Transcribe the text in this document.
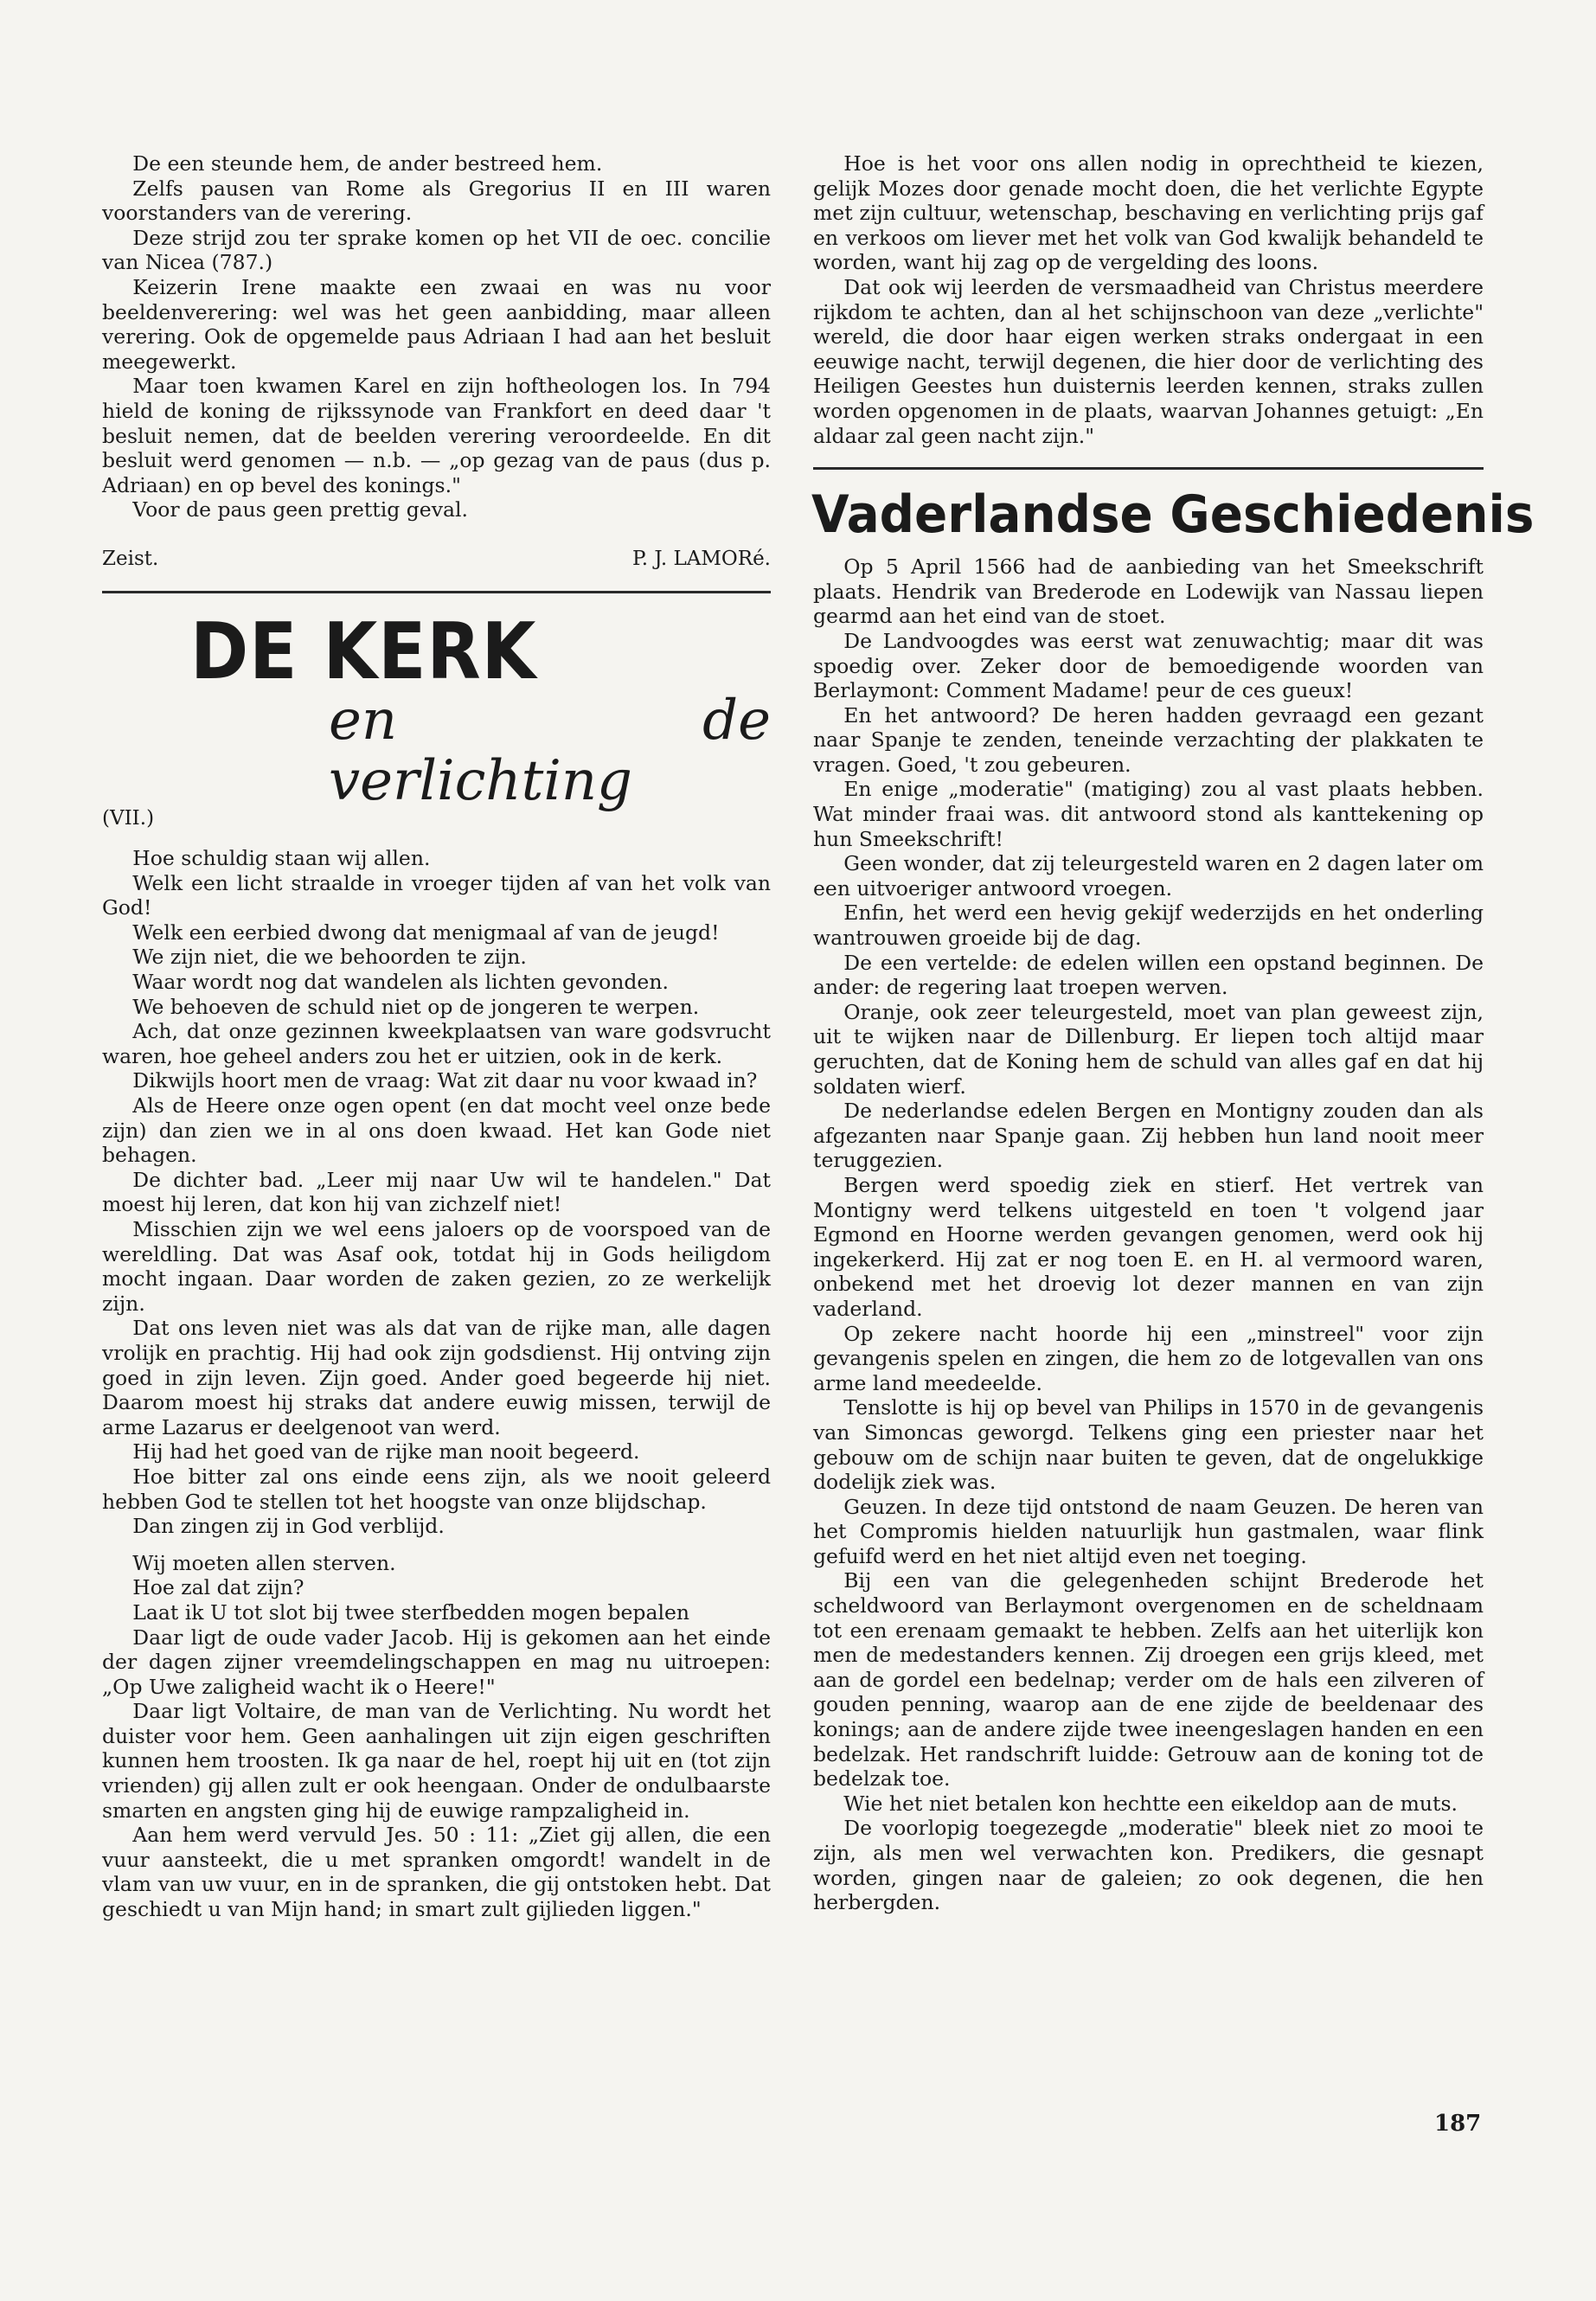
De een steunde hem, de ander bestreed hem.

Zelfs pausen van Rome als Gregorius II en III waren voorstanders van de verering.

Deze strijd zou ter sprake komen op het VII de oec. concilie van Nicea (787.)

Keizerin Irene maakte een zwaai en was nu voor beeldenverering: wel was het geen aanbidding, maar alleen verering. Ook de opgemelde paus Adriaan I had aan het besluit meegewerkt.

Maar toen kwamen Karel en zijn hoftheologen los. In 794 hield de koning de rijkssynode van Frankfort en deed daar 't besluit nemen, dat de beelden verering veroordeelde. En dit besluit werd genomen — n.b. — „op gezag van de paus (dus p. Adriaan) en op bevel des konings."

Voor de paus geen prettig geval.

Zeist.	P. J. LAMORé.
DE KERK
en de verlichting
(VII.)

Hoe schuldig staan wij allen.

Welk een licht straalde in vroeger tijden af van het volk van God!

Welk een eerbied dwong dat menigmaal af van de jeugd!

We zijn niet, die we behoorden te zijn.

Waar wordt nog dat wandelen als lichten gevonden.

We behoeven de schuld niet op de jongeren te werpen.

Ach, dat onze gezinnen kweekplaatsen van ware godsvrucht waren, hoe geheel anders zou het er uitzien, ook in de kerk.

Dikwijls hoort men de vraag: Wat zit daar nu voor kwaad in?

Als de Heere onze ogen opent (en dat mocht veel onze bede zijn) dan zien we in al ons doen kwaad. Het kan Gode niet behagen.

De dichter bad. „Leer mij naar Uw wil te handelen." Dat moest hij leren, dat kon hij van zichzelf niet!

Misschien zijn we wel eens jaloers op de voorspoed van de wereldling. Dat was Asaf ook, totdat hij in Gods heiligdom mocht ingaan. Daar worden de zaken gezien, zo ze werkelijk zijn.

Dat ons leven niet was als dat van de rijke man, alle dagen vrolijk en prachtig. Hij had ook zijn godsdienst. Hij ontving zijn goed in zijn leven. Zijn goed. Ander goed begeerde hij niet. Daarom moest hij straks dat andere euwig missen, terwijl de arme Lazarus er deelgenoot van werd.

Hij had het goed van de rijke man nooit begeerd.

Hoe bitter zal ons einde eens zijn, als we nooit geleerd hebben God te stellen tot het hoogste van onze blijdschap.

Dan zingen zij in God verblijd.

Wij moeten allen sterven.

Hoe zal dat zijn?

Laat ik U tot slot bij twee sterfbedden mogen bepalen

Daar ligt de oude vader Jacob. Hij is gekomen aan het einde der dagen zijner vreemdelingschappen en mag nu uitroepen: „Op Uwe zaligheid wacht ik o Heere!"

Daar ligt Voltaire, de man van de Verlichting. Nu wordt het duister voor hem. Geen aanhalingen uit zijn eigen geschriften kunnen hem troosten. Ik ga naar de hel, roept hij uit en (tot zijn vrienden) gij allen zult er ook heengaan. Onder de ondulbaarste smarten en angsten ging hij de euwige rampzaligheid in.

Aan hem werd vervuld Jes. 50 : 11: „Ziet gij allen, die een vuur aansteekt, die u met spranken omgordt! wandelt in de vlam van uw vuur, en in de spranken, die gij ontstoken hebt. Dat geschiedt u van Mijn hand; in smart zult gijlieden liggen."

Hoe is het voor ons allen nodig in oprechtheid te kiezen, gelijk Mozes door genade mocht doen, die het verlichte Egypte met zijn cultuur, wetenschap, beschaving en verlichting prijs gaf en verkoos om liever met het volk van God kwalijk behandeld te worden, want hij zag op de vergelding des loons.

Dat ook wij leerden de versmaadheid van Christus meerdere rijkdom te achten, dan al het schijnschoon van deze „verlichte" wereld, die door haar eigen werken straks ondergaat in een eeuwige nacht, terwijl degenen, die hier door de verlichting des Heiligen Geestes hun duisternis leerden kennen, straks zullen worden opgenomen in de plaats, waarvan Johannes getuigt: „En aldaar zal geen nacht zijn."

Vaderlandse Geschiedenis

Op 5 April 1566 had de aanbieding van het Smeekschrift plaats. Hendrik van Brederode en Lodewijk van Nassau liepen gearmd aan het eind van de stoet.

De Landvoogdes was eerst wat zenuwachtig; maar dit was spoedig over. Zeker door de bemoedigende woorden van Berlaymont: Comment Madame! peur de ces gueux!

En het antwoord? De heren hadden gevraagd een gezant naar Spanje te zenden, teneinde verzachting der plakkaten te vragen. Goed, 't zou gebeuren.

En enige „moderatie" (matiging) zou al vast plaats hebben. Wat minder fraai was. dit antwoord stond als kanttekening op hun Smeekschrift!

Geen wonder, dat zij teleurgesteld waren en 2 dagen later om een uitvoeriger antwoord vroegen.

Enfin, het werd een hevig gekijf wederzijds en het onderling wantrouwen groeide bij de dag.

De een vertelde: de edelen willen een opstand beginnen. De ander: de regering laat troepen werven.

Oranje, ook zeer teleurgesteld, moet van plan geweest zijn, uit te wijken naar de Dillenburg. Er liepen toch altijd maar geruchten, dat de Koning hem de schuld van alles gaf en dat hij soldaten wierf.

De nederlandse edelen Bergen en Montigny zouden dan als afgezanten naar Spanje gaan. Zij hebben hun land nooit meer teruggezien.

Bergen werd spoedig ziek en stierf. Het vertrek van Montigny werd telkens uitgesteld en toen 't volgend jaar Egmond en Hoorne werden gevangen genomen, werd ook hij ingekerkerd. Hij zat er nog toen E. en H. al vermoord waren, onbekend met het droevig lot dezer mannen en van zijn vaderland.

Op zekere nacht hoorde hij een „minstreel" voor zijn gevangenis spelen en zingen, die hem zo de lotgevallen van ons arme land meedeelde.

Tenslotte is hij op bevel van Philips in 1570 in de gevangenis van Simoncas geworgd. Telkens ging een priester naar het gebouw om de schijn naar buiten te geven, dat de ongelukkige dodelijk ziek was.

Geuzen. In deze tijd ontstond de naam Geuzen. De heren van het Compromis hielden natuurlijk hun gastmalen, waar flink gefuifd werd en het niet altijd even net toeging.

Bij een van die gelegenheden schijnt Brederode het scheldwoord van Berlaymont overgenomen en de scheldnaam tot een erenaam gemaakt te hebben. Zelfs aan het uiterlijk kon men de medestanders kennen. Zij droegen een grijs kleed, met aan de gordel een bedelnap; verder om de hals een zilveren of gouden penning, waarop aan de ene zijde de beeldenaar des konings; aan de andere zijde twee ineengeslagen handen en een bedelzak. Het randschrift luidde: Getrouw aan de koning tot de bedelzak toe.

Wie het niet betalen kon hechtte een eikeldop aan de muts.

De voorlopig toegezegde „moderatie" bleek niet zo mooi te zijn, als men wel verwachten kon. Predikers, die gesnapt worden, gingen naar de galeien; zo ook degenen, die hen herbergden.

187
